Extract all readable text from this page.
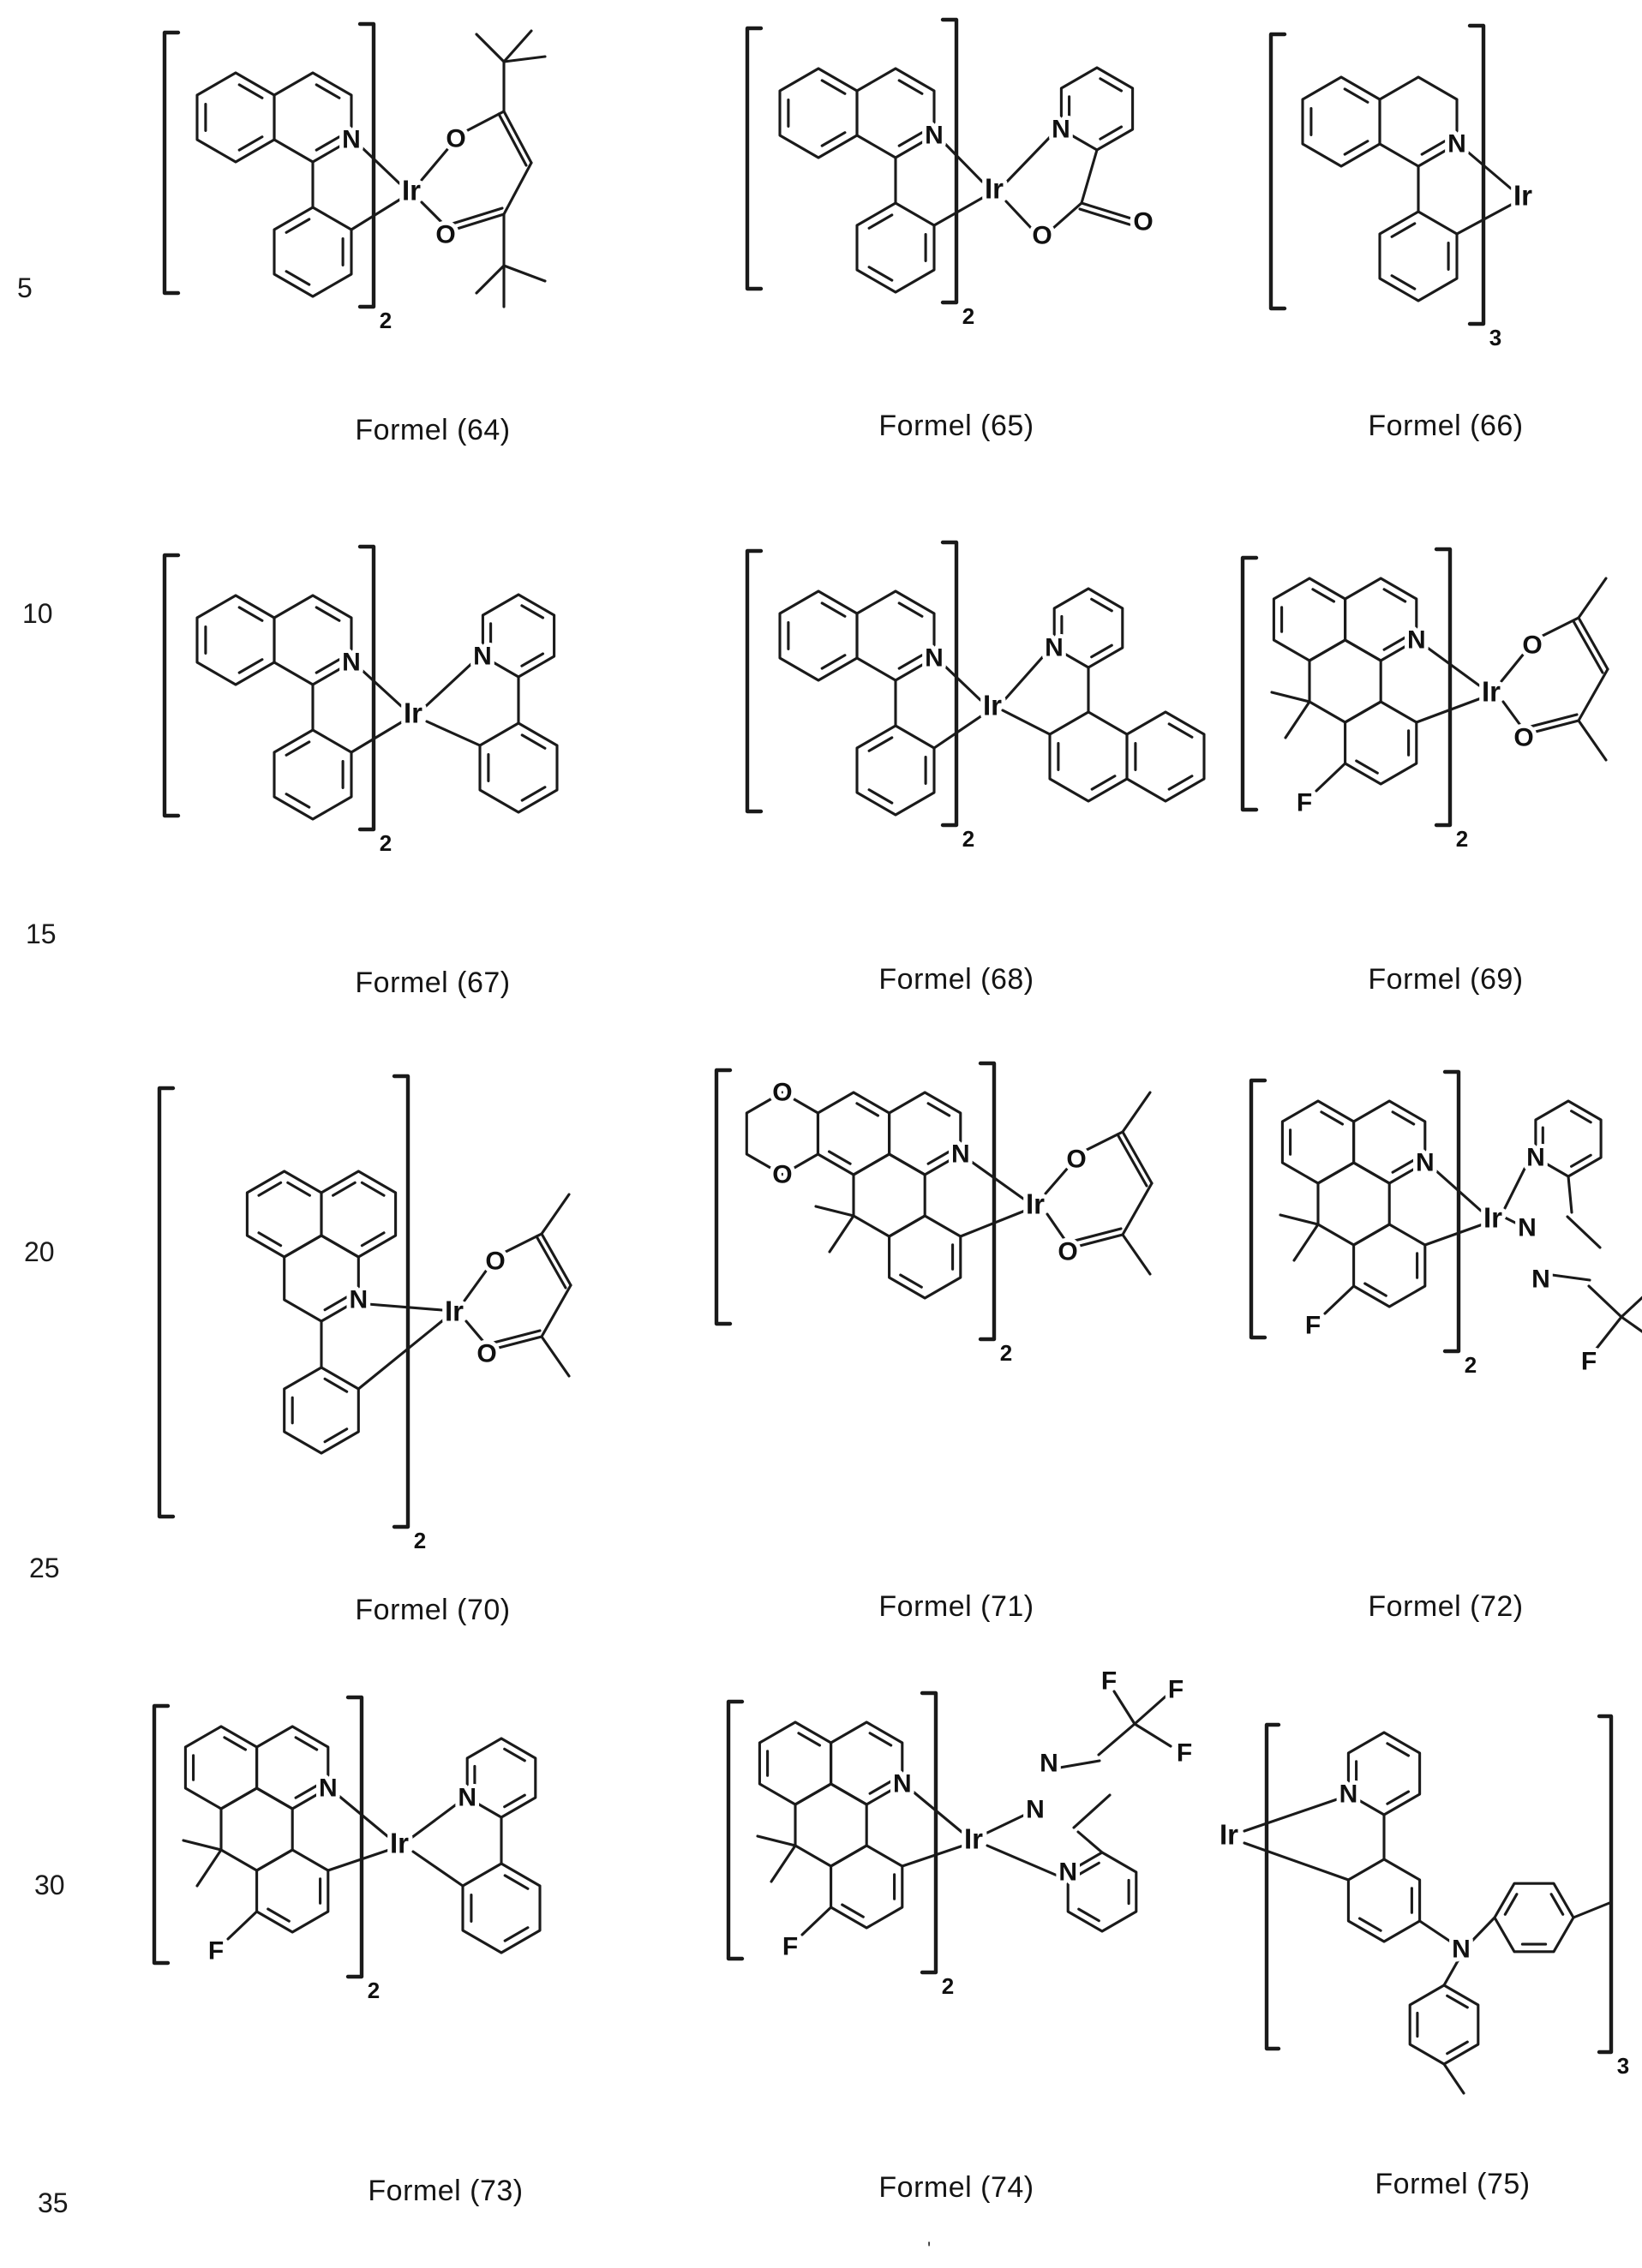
5
10
15
20
25
30
35
N
Ir
O
O
2
N
Ir
N
O
O
2
N
Ir
3
N
Ir
N
2
N
Ir
N
2
N
F
Ir
O
O
2
N	Ir
O
O
2
O
O
N
Ir
O
O
2
N
F
Ir
N
N
N
F
2
N
F
Ir
N
2
N
F
Ir
N
N
F F
F
N
2
Ir
N
N
3
Formel (64)	Formel (65)	Formel (66)
Formel (67)	Formel (68)	Formel (69)
Formel (70)	Formel (71)	Formel (72)
Formel (73)	Formel (74)	Formel (75)
'
